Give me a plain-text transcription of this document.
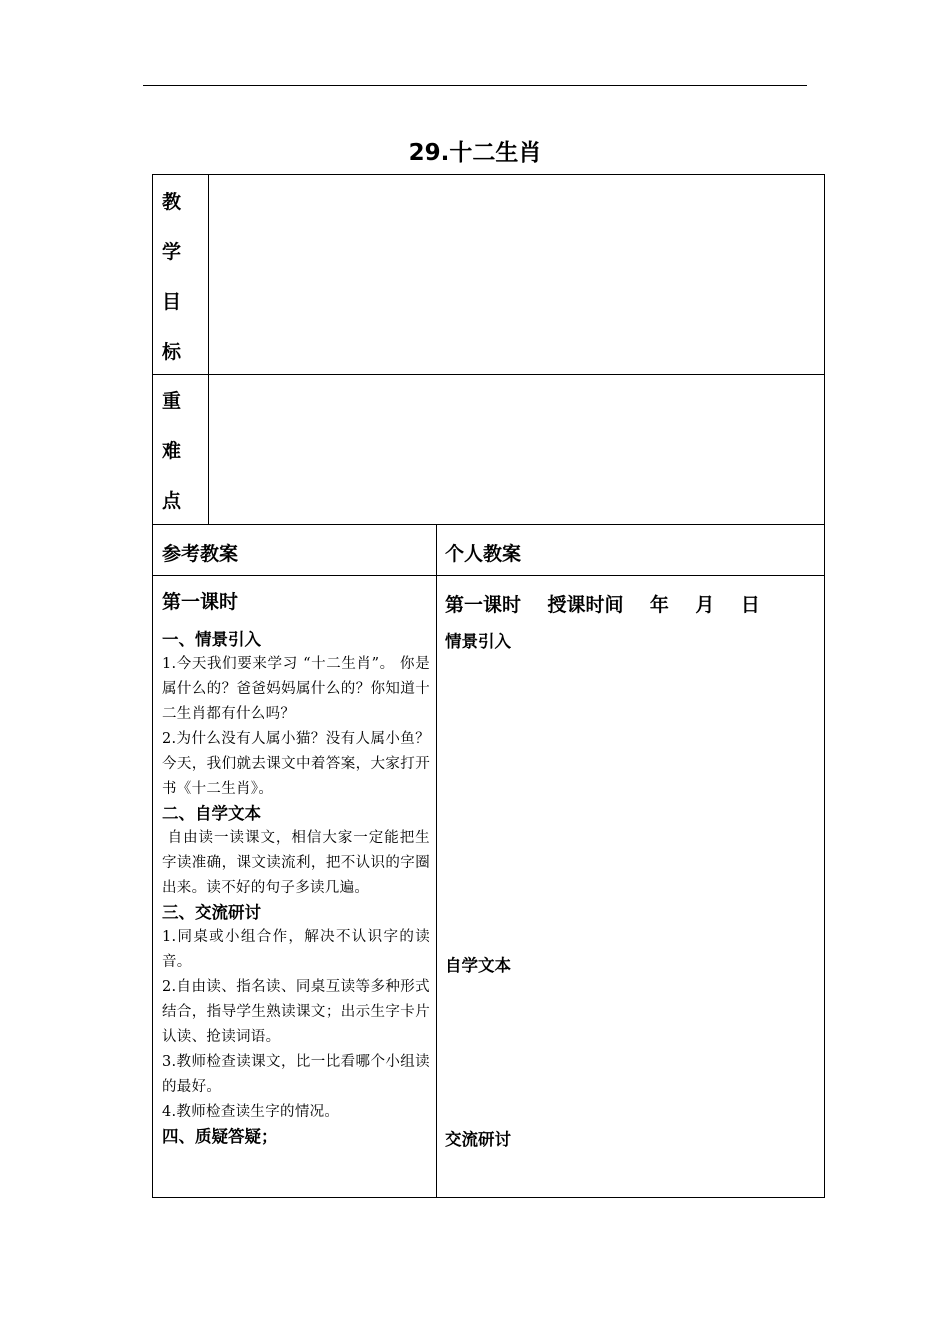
29.十二生肖
教
学
目
标
重
难
点
参考教案	个人教案
第一课时
一、情景引入
1.今天我们要来学习 “十二生肖”。 你是属什么的？爸爸妈妈属什么的？你知道十二生肖都有什么吗？
2.为什么没有人属小猫？没有人属小鱼？今天，我们就去课文中着答案，大家打开书《十二生肖》。
二、自学文本
自由读一读课文，相信大家一定能把生字读准确，课文读流利，把不认识的字圈出来。读不好的句子多读几遍。
三、交流研讨
1.同桌或小组合作，解决不认识字的读音。
2.自由读、指名读、同桌互读等多种形式结合，指导学生熟读课文；出示生字卡片认读、抢读词语。
3.教师检查读课文，比一比看哪个小组读的最好。
4.教师检查读生字的情况。
四、质疑答疑；
第一课时    授课时间    年    月    日
情景引入
自学文本
交流研讨
